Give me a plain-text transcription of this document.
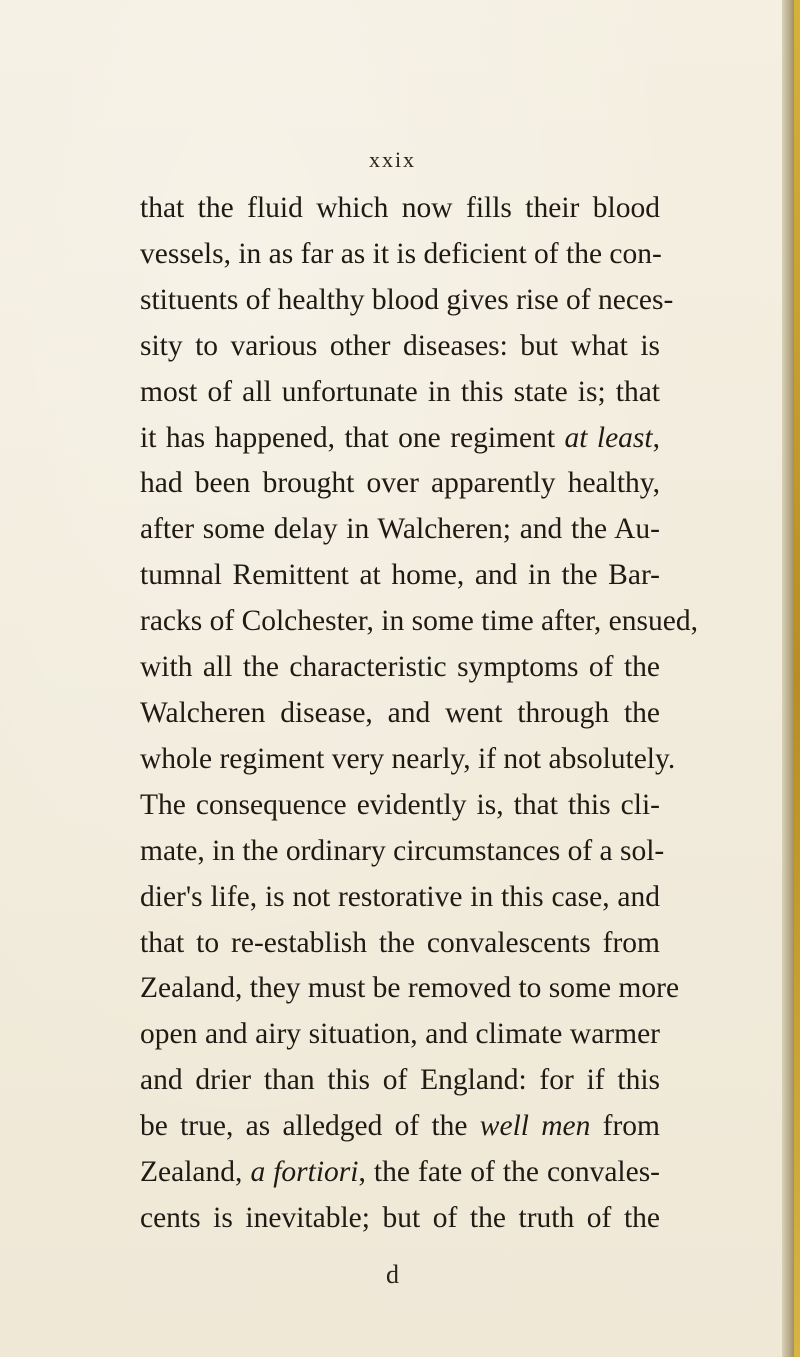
xxix
that the fluid which now fills their blood
vessels, in as far as it is deficient of the con-
stituents of healthy blood gives rise of neces-
sity to various other diseases: but what is
most of all unfortunate in this state is; that
it has happened, that one regiment at least,
had been brought over apparently healthy,
after some delay in Walcheren; and the Au-
tumnal Remittent at home, and in the Bar-
racks of Colchester, in some time after, ensued,
with all the characteristic symptoms of the
Walcheren disease, and went through the
whole regiment very nearly, if not absolutely.
The consequence evidently is, that this cli-
mate, in the ordinary circumstances of a sol-
dier's life, is not restorative in this case, and
that to re-establish the convalescents from
Zealand, they must be removed to some more
open and airy situation, and climate warmer
and drier than this of England: for if this
be true, as alledged of the well men from
Zealand, a fortiori, the fate of the convales-
cents is inevitable; but of the truth of the
d
